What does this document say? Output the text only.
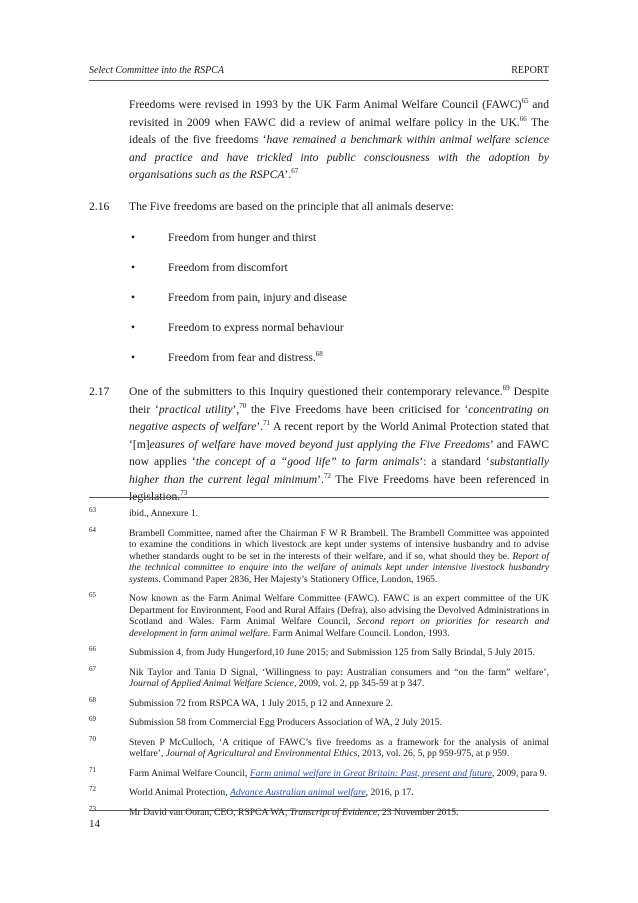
Select Committee into the RSPCA	REPORT
Freedoms were revised in 1993 by the UK Farm Animal Welfare Council (FAWC)$^{65}$ and revisited in 2009 when FAWC did a review of animal welfare policy in the UK.$^{66}$ The ideals of the five freedoms ‘have remained a benchmark within animal welfare science and practice and have trickled into public consciousness with the adoption by organisations such as the RSPCA’.$^{67}$
2.16 The Five freedoms are based on the principle that all animals deserve:
•	Freedom from hunger and thirst
•	Freedom from discomfort
•	Freedom from pain, injury and disease
•	Freedom to express normal behaviour
•	Freedom from fear and distress.$^{68}$
2.17 One of the submitters to this Inquiry questioned their contemporary relevance.$^{69}$ Despite their ‘practical utility’,$^{70}$ the Five Freedoms have been criticised for ‘concentrating on negative aspects of welfare’.$^{71}$ A recent report by the World Animal Protection stated that ‘[m]easures of welfare have moved beyond just applying the Five Freedoms’ and FAWC now applies ‘the concept of a “good life” to farm animals’: a standard ‘substantially higher than the current legal minimum’.$^{72}$ The Five Freedoms have been referenced in legislation.$^{73}$
63	ibid., Annexure 1.
64	Brambell Committee, named after the Chairman F W R Brambell. The Brambell Committee was appointed to examine the conditions in which livestock are kept under systems of intensive husbandry and to advise whether standards ought to be set in the interests of their welfare, and if so, what should they be. Report of the technical committee to enquire into the welfare of animals kept under intensive livestock husbandry systems. Command Paper 2836, Her Majesty’s Stationery Office, London, 1965.
65	Now known as the Farm Animal Welfare Committee (FAWC). FAWC is an expert committee of the UK Department for Environment, Food and Rural Affairs (Defra), also advising the Devolved Administrations in Scotland and Wales. Farm Animal Welfare Council, Second report on priorities for research and development in farm animal welfare. Farm Animal Welfare Council. London, 1993.
66	Submission 4, from Judy Hungerford,10 June 2015; and Submission 125 from Sally Brindal, 5 July 2015.
67	Nik Taylor and Tania D Signal, ‘Willingness to pay: Australian consumers and “on the farm” welfare’, Journal of Applied Animal Welfare Science, 2009, vol. 2, pp 345-59 at p 347.
68	Submission 72 from RSPCA WA, 1 July 2015, p 12 and Annexure 2.
69	Submission 58 from Commercial Egg Producers Association of WA, 2 July 2015.
70	Steven P McCulloch, ‘A critique of FAWC’s five freedoms as a framework for the analysis of animal welfare’, Journal of Agricultural and Environmental Ethics, 2013, vol. 26, 5, pp 959-975, at p 959.
71	Farm Animal Welfare Council, Farm animal welfare in Great Britain: Past, present and future, 2009, para 9.
72	World Animal Protection, Advance Australian animal welfare, 2016, p 17.
73	Mr David van Ooran, CEO, RSPCA WA, Transcript of Evidence, 23 November 2015.
14
